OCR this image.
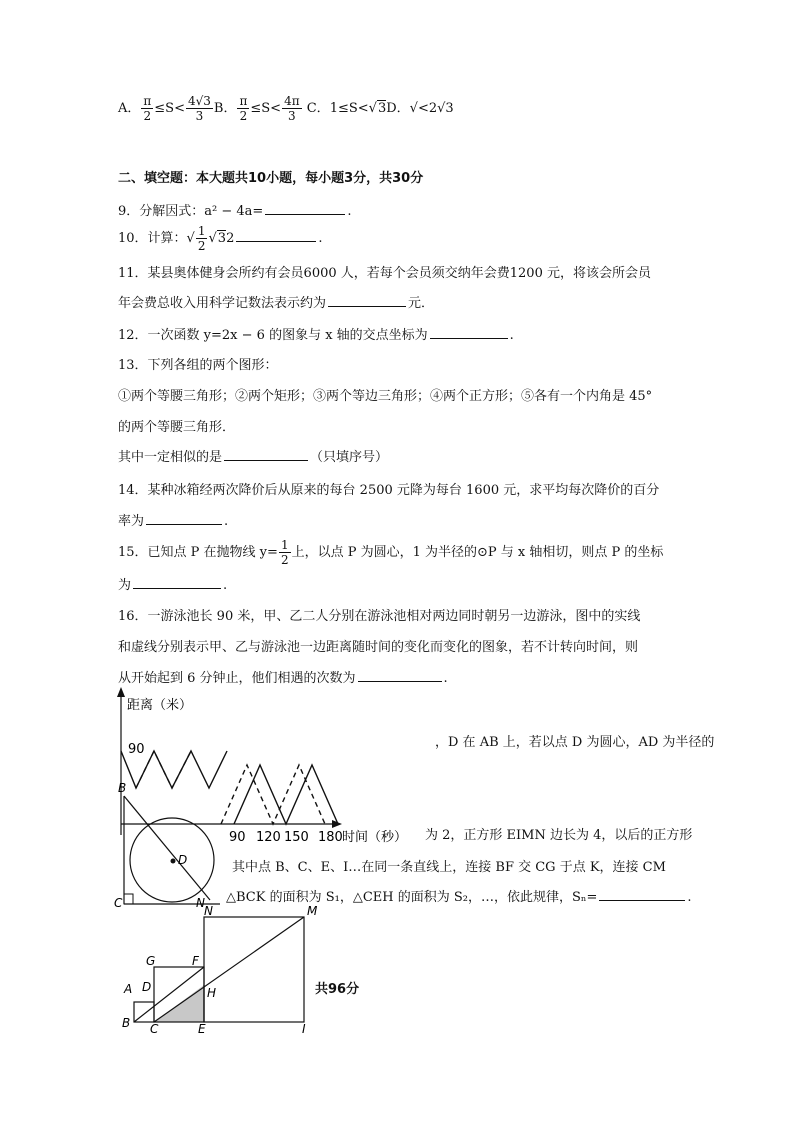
A． $\frac{\pi}{2} \le S< \frac{4√3}{3}$ B． $\frac{\pi}{2} \le S< \frac{4\pi}{3}$ C．1≤S<√3D．√<2√3
二、填空题：本大题共10小题，每小题3分，共30分
9．分解因式：a² − 4a=	.
10．计算：√ $\frac{1}{2} √32$	.
11．某县奥体健身会所约有会员6000 人，若每个会员须交纳年会费1200 元，将该会所会员
年会费总收入用科学记数法表示约为	元．
12．一次函数 y=2x − 6 的图象与 x 轴的交点坐标为	.
13．下列各组的两个图形：
①两个等腰三角形；②两个矩形；③两个等边三角形；④两个正方形；⑤各有一个内角是 45°
的两个等腰三角形．
其中一定相似的是	（只填序号）
14．某种冰箱经两次降价后从原来的每台 2500 元降为每台 1600 元，求平均每次降价的百分
率为	.
15．已知点 P 在抛物线 $y= \frac{1}{2}$ 上，以点 P 为圆心，1 为半径的⊙P 与 x 轴相切，则点 P 的坐标
为	.
16．一游泳池长 90 米，甲、乙二人分别在游泳池相对两边同时朝另一边游泳，图中的实线
和虚线分别表示甲、乙与游泳池一边距离随时间的变化而变化的图象，若不计转向时间，则
从开始起到 6 分钟止，他们相遇的次数为	.
，D 在 AB 上，若以点 D 为圆心，AD 为半径的
为 2，正方形 EIMN 边长为 4，以后的正方形
其中点 B、C、E、I…在同一条直线上，连接 BF 交 CG 于点 K，连接 CM
△BCK 的面积为 S₁，△CEH 的面积为 S₂，…，依此规律，Sₙ=	.
共96分
距离（米）
90
90 120 150 180 时间（秒）
B
D
C	N
A
B C
D
E
F
G
H
I
M
N
